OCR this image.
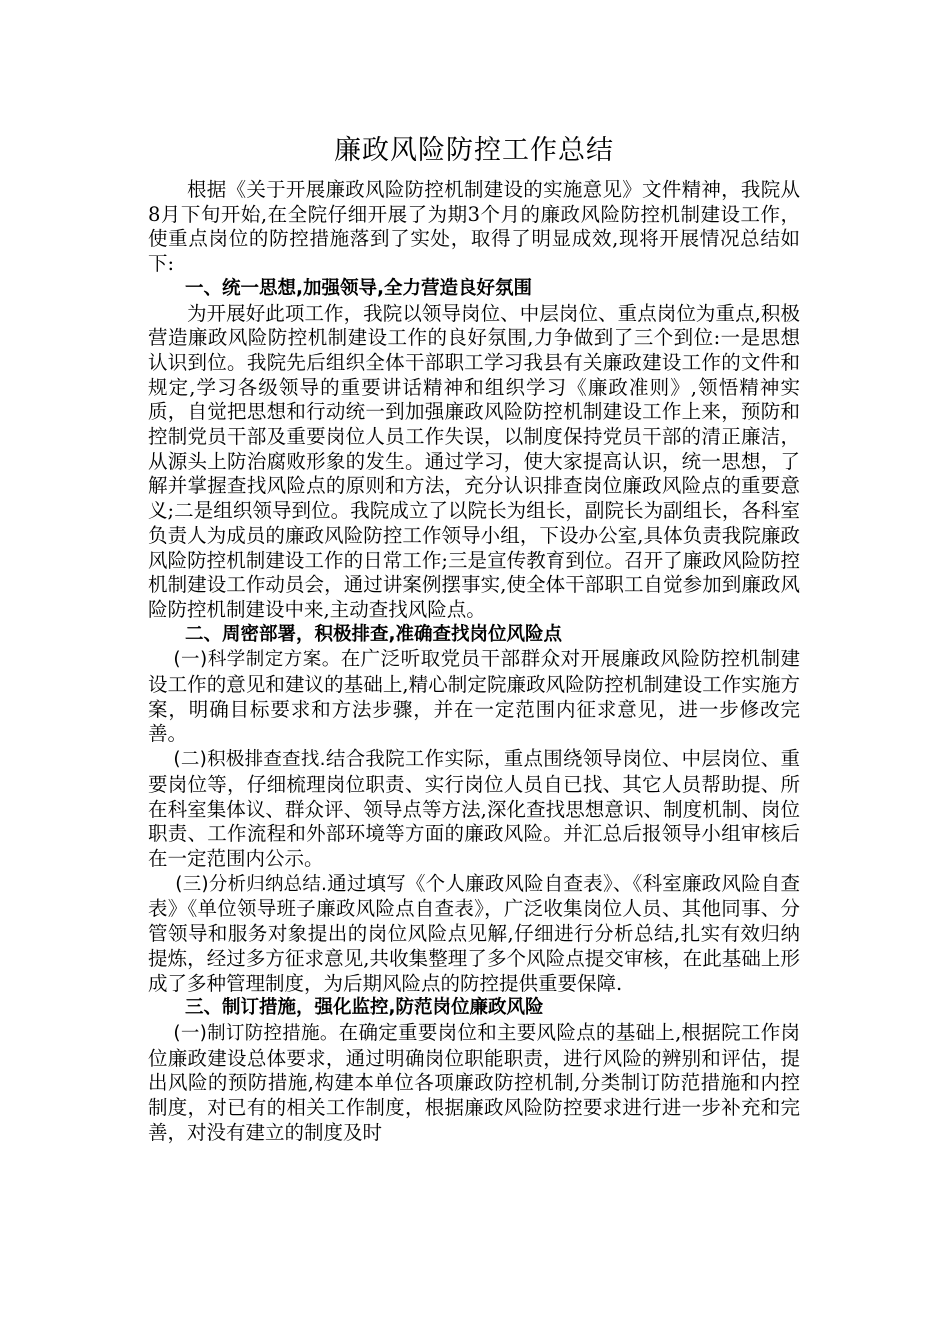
廉政风险防控工作总结

根据《关于开展廉政风险防控机制建设的实施意见》文件精神，我院从8月下旬开始,在全院仔细开展了为期3个月的廉政风险防控机制建设工作，使重点岗位的防控措施落到了实处，取得了明显成效,现将开展情况总结如下:

一、统一思想,加强领导,全力营造良好氛围

为开展好此项工作，我院以领导岗位、中层岗位、重点岗位为重点,积极营造廉政风险防控机制建设工作的良好氛围,力争做到了三个到位:一是思想认识到位。我院先后组织全体干部职工学习我县有关廉政建设工作的文件和规定,学习各级领导的重要讲话精神和组织学习《廉政准则》,领悟精神实质，自觉把思想和行动统一到加强廉政风险防控机制建设工作上来，预防和控制党员干部及重要岗位人员工作失误，以制度保持党员干部的清正廉洁，从源头上防治腐败形象的发生。通过学习，使大家提高认识，统一思想，了解并掌握查找风险点的原则和方法，充分认识排查岗位廉政风险点的重要意义;二是组织领导到位。我院成立了以院长为组长，副院长为副组长，各科室负责人为成员的廉政风险防控工作领导小组，下设办公室,具体负责我院廉政风险防控机制建设工作的日常工作;三是宣传教育到位。召开了廉政风险防控机制建设工作动员会，通过讲案例摆事实,使全体干部职工自觉参加到廉政风险防控机制建设中来,主动查找风险点。

二、周密部署，积极排查,准确查找岗位风险点

(一)科学制定方案。在广泛听取党员干部群众对开展廉政风险防控机制建设工作的意见和建议的基础上,精心制定院廉政风险防控机制建设工作实施方案，明确目标要求和方法步骤，并在一定范围内征求意见，进一步修改完善。

(二)积极排查查找.结合我院工作实际，重点围绕领导岗位、中层岗位、重要岗位等，仔细梳理岗位职责、实行岗位人员自已找、其它人员帮助提、所在科室集体议、群众评、领导点等方法,深化查找思想意识、制度机制、岗位职责、工作流程和外部环境等方面的廉政风险。并汇总后报领导小组审核后在一定范围内公示。

(三)分析归纳总结.通过填写《个人廉政风险自查表》、《科室廉政风险自查表》《单位领导班子廉政风险点自查表》，广泛收集岗位人员、其他同事、分管领导和服务对象提出的岗位风险点见解,仔细进行分析总结,扎实有效归纳提炼，经过多方征求意见,共收集整理了多个风险点提交审核，在此基础上形成了多种管理制度，为后期风险点的防控提供重要保障.

三、制订措施，强化监控,防范岗位廉政风险

(一)制订防控措施。在确定重要岗位和主要风险点的基础上,根据院工作岗位廉政建设总体要求，通过明确岗位职能职责，进行风险的辨别和评估，提出风险的预防措施,构建本单位各项廉政防控机制,分类制订防范措施和内控制度，对已有的相关工作制度，根据廉政风险防控要求进行进一步补充和完善，对没有建立的制度及时
